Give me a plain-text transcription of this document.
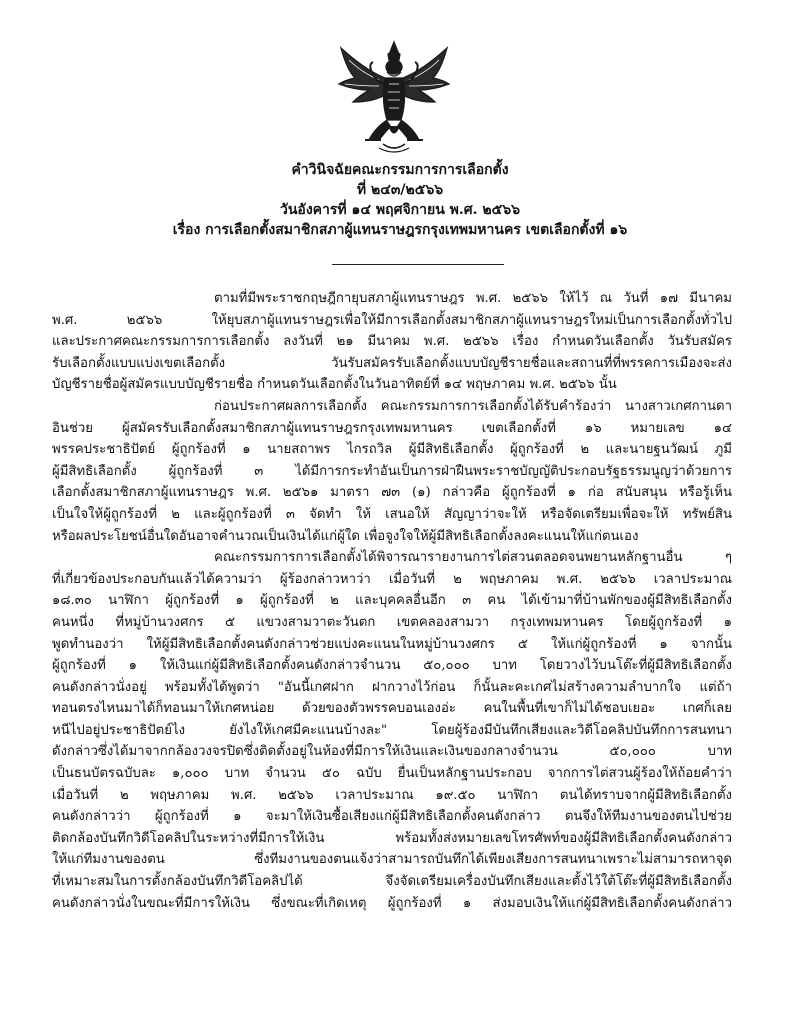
คำวินิจฉัยคณะกรรมการการเลือกตั้ง
ที่ ๒๔๓/๒๕๖๖
วันอังคารที่ ๑๔ พฤศจิกายน พ.ศ. ๒๕๖๖
เรื่อง การเลือกตั้งสมาชิกสภาผู้แทนราษฎรกรุงเทพมหานคร เขตเลือกตั้งที่ ๑๖
ตามที่มีพระราชกฤษฎีกายุบสภาผู้แทนราษฎร พ.ศ. ๒๕๖๖ ให้ไว้ ณ วันที่ ๑๗ มีนาคม
พ.ศ. ๒๕๖๖ ให้ยุบสภาผู้แทนราษฎรเพื่อให้มีการเลือกตั้งสมาชิกสภาผู้แทนราษฎรใหม่เป็นการเลือกตั้งทั่วไป
และประกาศคณะกรรมการการเลือกตั้ง ลงวันที่ ๒๑ มีนาคม พ.ศ. ๒๕๖๖ เรื่อง กำหนดวันเลือกตั้ง วันรับสมัคร
รับเลือกตั้งแบบแบ่งเขตเลือกตั้ง วันรับสมัครรับเลือกตั้งแบบบัญชีรายชื่อและสถานที่ที่พรรคการเมืองจะส่ง
บัญชีรายชื่อผู้สมัครแบบบัญชีรายชื่อ กำหนดวันเลือกตั้งในวันอาทิตย์ที่ ๑๔ พฤษภาคม พ.ศ. ๒๕๖๖ นั้น
ก่อนประกาศผลการเลือกตั้ง คณะกรรมการการเลือกตั้งได้รับคำร้องว่า นางสาวเกศกานดา
อินช่วย ผู้สมัครรับเลือกตั้งสมาชิกสภาผู้แทนราษฎรกรุงเทพมหานคร เขตเลือกตั้งที่ ๑๖ หมายเลข ๑๔
พรรคประชาธิปัตย์ ผู้ถูกร้องที่ ๑ นายสถาพร ไกรถวิล ผู้มีสิทธิเลือกตั้ง ผู้ถูกร้องที่ ๒ และนายฐนวัฒน์ ภูมี
ผู้มีสิทธิเลือกตั้ง ผู้ถูกร้องที่ ๓ ได้มีการกระทำอันเป็นการฝ่าฝืนพระราชบัญญัติประกอบรัฐธรรมนูญว่าด้วยการ
เลือกตั้งสมาชิกสภาผู้แทนราษฎร พ.ศ. ๒๕๖๑ มาตรา ๗๓ (๑) กล่าวคือ ผู้ถูกร้องที่ ๑ ก่อ สนับสนุน หรือรู้เห็น
เป็นใจให้ผู้ถูกร้องที่ ๒ และผู้ถูกร้องที่ ๓ จัดทำ ให้ เสนอให้ สัญญาว่าจะให้ หรือจัดเตรียมเพื่อจะให้ ทรัพย์สิน
หรือผลประโยชน์อื่นใดอันอาจคำนวณเป็นเงินได้แก่ผู้ใด เพื่อจูงใจให้ผู้มีสิทธิเลือกตั้งลงคะแนนให้แก่ตนเอง
คณะกรรมการการเลือกตั้งได้พิจารณารายงานการไต่สวนตลอดจนพยานหลักฐานอื่น ๆ
ที่เกี่ยวข้องประกอบกันแล้วได้ความว่า ผู้ร้องกล่าวหาว่า เมื่อวันที่ ๒ พฤษภาคม พ.ศ. ๒๕๖๖ เวลาประมาณ
๑๘.๓๐ นาฬิกา ผู้ถูกร้องที่ ๑ ผู้ถูกร้องที่ ๒ และบุคคลอื่นอีก ๓ คน ได้เข้ามาที่บ้านพักของผู้มีสิทธิเลือกตั้ง
คนหนึ่ง ที่หมู่บ้านวงศกร ๕ แขวงสามวาตะวันตก เขตคลองสามวา กรุงเทพมหานคร โดยผู้ถูกร้องที่ ๑
พูดทำนองว่า ให้ผู้มีสิทธิเลือกตั้งคนดังกล่าวช่วยแบ่งคะแนนในหมู่บ้านวงศกร ๕ ให้แก่ผู้ถูกร้องที่ ๑ จากนั้น
ผู้ถูกร้องที่ ๑ ให้เงินแก่ผู้มีสิทธิเลือกตั้งคนดังกล่าวจำนวน ๕๐,๐๐๐ บาท โดยวางไว้บนโต๊ะที่ผู้มีสิทธิเลือกตั้ง
คนดังกล่าวนั่งอยู่ พร้อมทั้งได้พูดว่า "อันนี้เกศฝาก ฝากวางไว้ก่อน ก็นั้นละคะเกศไม่สร้างความลำบากใจ แต่ถ้า
ทอนตรงไหนมาได้ก็ทอนมาให้เกศหน่อย ด้วยของตัวพรรคบอนเองอ่ะ คนในพื้นที่เขาก็ไม่ได้ชอบเยอะ เกศก็เลย
หนีไปอยู่ประชาธิปัตย์ไง ยังไงให้เกศมีคะแนนบ้างละ" โดยผู้ร้องมีบันทึกเสียงและวิดีโอคลิปบันทึกการสนทนา
ดังกล่าวซึ่งได้มาจากกล้องวงจรปิดซึ่งติดตั้งอยู่ในห้องที่มีการให้เงินและเงินของกลางจำนวน ๕๐,๐๐๐ บาท
เป็นธนบัตรฉบับละ ๑,๐๐๐ บาท จำนวน ๕๐ ฉบับ ยื่นเป็นหลักฐานประกอบ จากการไต่สวนผู้ร้องให้ถ้อยคำว่า
เมื่อวันที่ ๒ พฤษภาคม พ.ศ. ๒๕๖๖ เวลาประมาณ ๑๙.๕๐ นาฬิกา ตนได้ทราบจากผู้มีสิทธิเลือกตั้ง
คนดังกล่าวว่า ผู้ถูกร้องที่ ๑ จะมาให้เงินซื้อเสียงแก่ผู้มีสิทธิเลือกตั้งคนดังกล่าว ตนจึงให้ทีมงานของตนไปช่วย
ติดกล้องบันทึกวิดีโอคลิปในระหว่างที่มีการให้เงิน พร้อมทั้งส่งหมายเลขโทรศัพท์ของผู้มีสิทธิเลือกตั้งคนดังกล่าว
ให้แก่ทีมงานของตน ซึ่งทีมงานของตนแจ้งว่าสามารถบันทึกได้เพียงเสียงการสนทนาเพราะไม่สามารถหาจุด
ที่เหมาะสมในการตั้งกล้องบันทึกวิดีโอคลิปได้ จึงจัดเตรียมเครื่องบันทึกเสียงและตั้งไว้ใต้โต๊ะที่ผู้มีสิทธิเลือกตั้ง
คนดังกล่าวนั่งในขณะที่มีการให้เงิน ซึ่งขณะที่เกิดเหตุ ผู้ถูกร้องที่ ๑ ส่งมอบเงินให้แก่ผู้มีสิทธิเลือกตั้งคนดังกล่าว
